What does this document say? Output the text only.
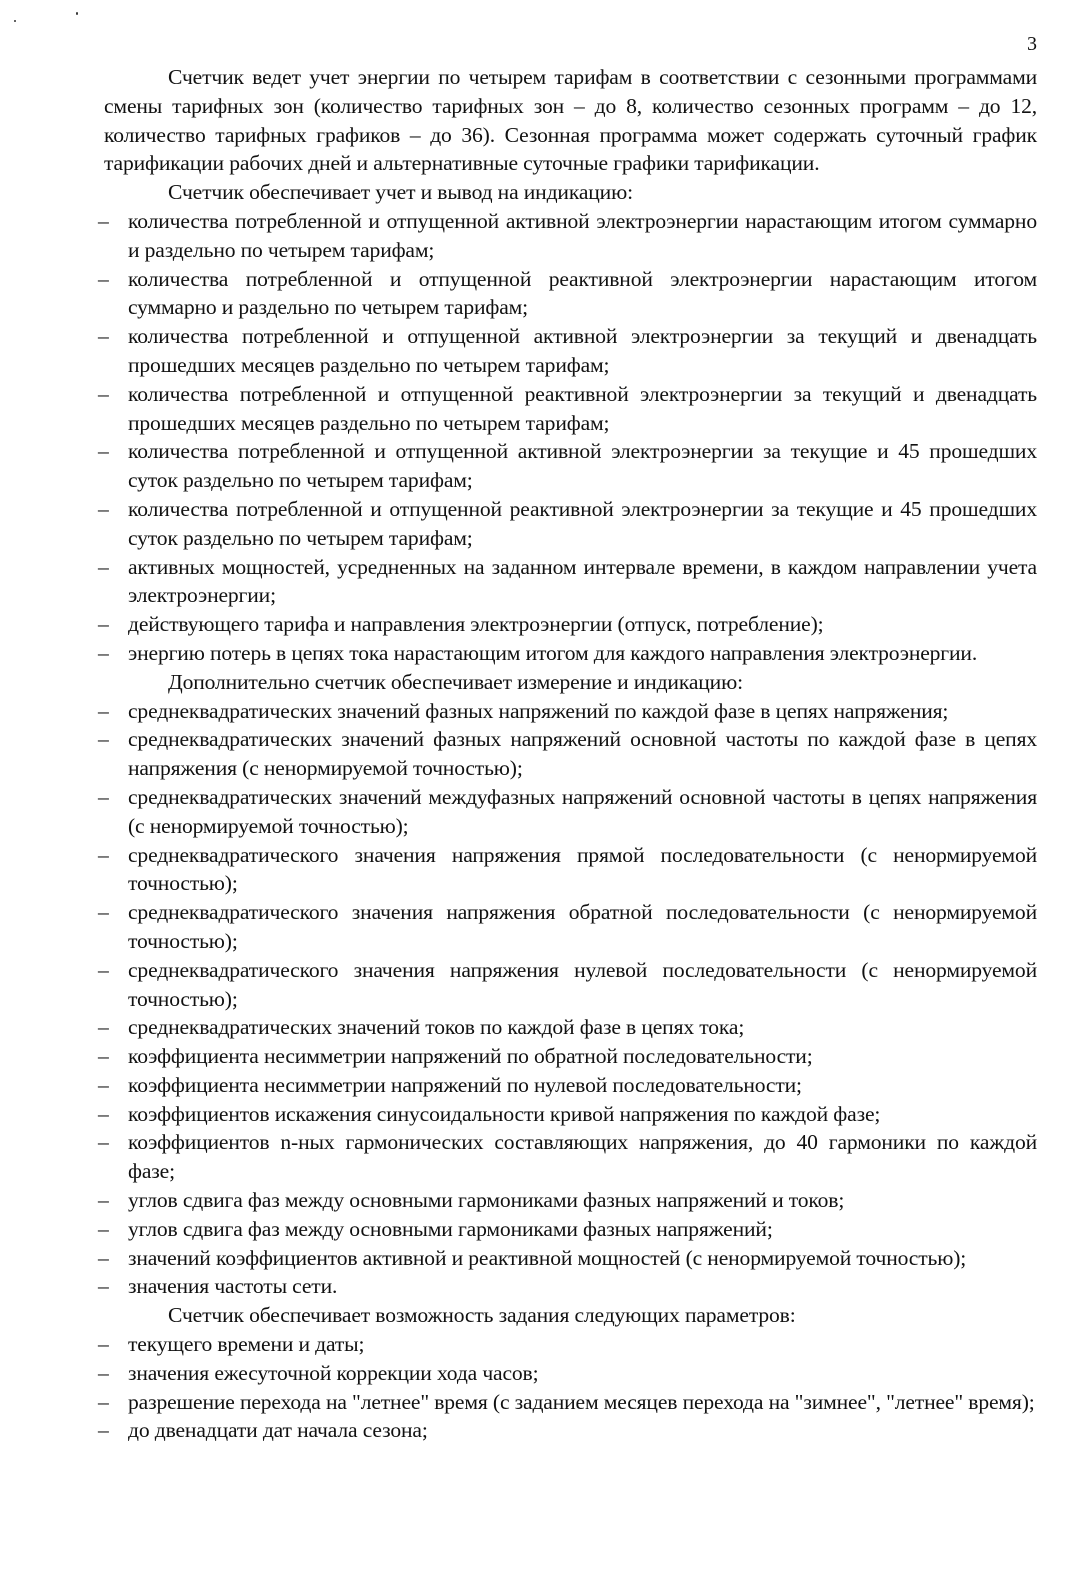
3

Счетчик ведет учет энергии по четырем тарифам в соответствии с сезонными программами смены тарифных зон (количество тарифных зон – до 8, количество сезонных программ – до 12, количество тарифных графиков – до 36). Сезонная программа может содержать суточный график тарификации рабочих дней и альтернативные суточные графики тарификации.

Счетчик обеспечивает учет и вывод на индикацию:

– количества потребленной и отпущенной активной электроэнергии нарастающим итогом суммарно и раздельно по четырем тарифам;
– количества потребленной и отпущенной реактивной электроэнергии нарастающим итогом суммарно и раздельно по четырем тарифам;
– количества потребленной и отпущенной активной электроэнергии за текущий и двенадцать прошедших месяцев раздельно по четырем тарифам;
– количества потребленной и отпущенной реактивной электроэнергии за текущий и двенадцать прошедших месяцев раздельно по четырем тарифам;
– количества потребленной и отпущенной активной электроэнергии за текущие и 45 прошедших суток раздельно по четырем тарифам;
– количества потребленной и отпущенной реактивной электроэнергии за текущие и 45 прошедших суток раздельно по четырем тарифам;
– активных мощностей, усредненных на заданном интервале времени, в каждом направлении учета электроэнергии;
– действующего тарифа и направления электроэнергии (отпуск, потребление);
– энергию потерь в цепях тока нарастающим итогом для каждого направления электроэнергии.

Дополнительно счетчик обеспечивает измерение и индикацию:

– среднеквадратических значений фазных напряжений по каждой фазе в цепях напряжения;
– среднеквадратических значений фазных напряжений основной частоты по каждой фазе в цепях напряжения (с ненормируемой точностью);
– среднеквадратических значений междуфазных напряжений основной частоты в цепях напряжения (с ненормируемой точностью);
– среднеквадратического значения напряжения прямой последовательности (с ненормируемой точностью);
– среднеквадратического значения напряжения обратной последовательности (с ненормируемой точностью);
– среднеквадратического значения напряжения нулевой последовательности (с ненормируемой точностью);
– среднеквадратических значений токов по каждой фазе в цепях тока;
– коэффициента несимметрии напряжений по обратной последовательности;
– коэффициента несимметрии напряжений по нулевой последовательности;
– коэффициентов искажения синусоидальности кривой напряжения по каждой фазе;
– коэффициентов n-ных гармонических составляющих напряжения, до 40 гармоники по каждой фазе;
– углов сдвига фаз между основными гармониками фазных напряжений и токов;
– углов сдвига фаз между основными гармониками фазных напряжений;
– значений коэффициентов активной и реактивной мощностей (с ненормируемой точностью);
– значения частоты сети.

Счетчик обеспечивает возможность задания следующих параметров:

– текущего времени и даты;
– значения ежесуточной коррекции хода часов;
– разрешение перехода на "летнее" время (с заданием месяцев перехода на "зимнее", "летнее" время);
– до двенадцати дат начала сезона;
